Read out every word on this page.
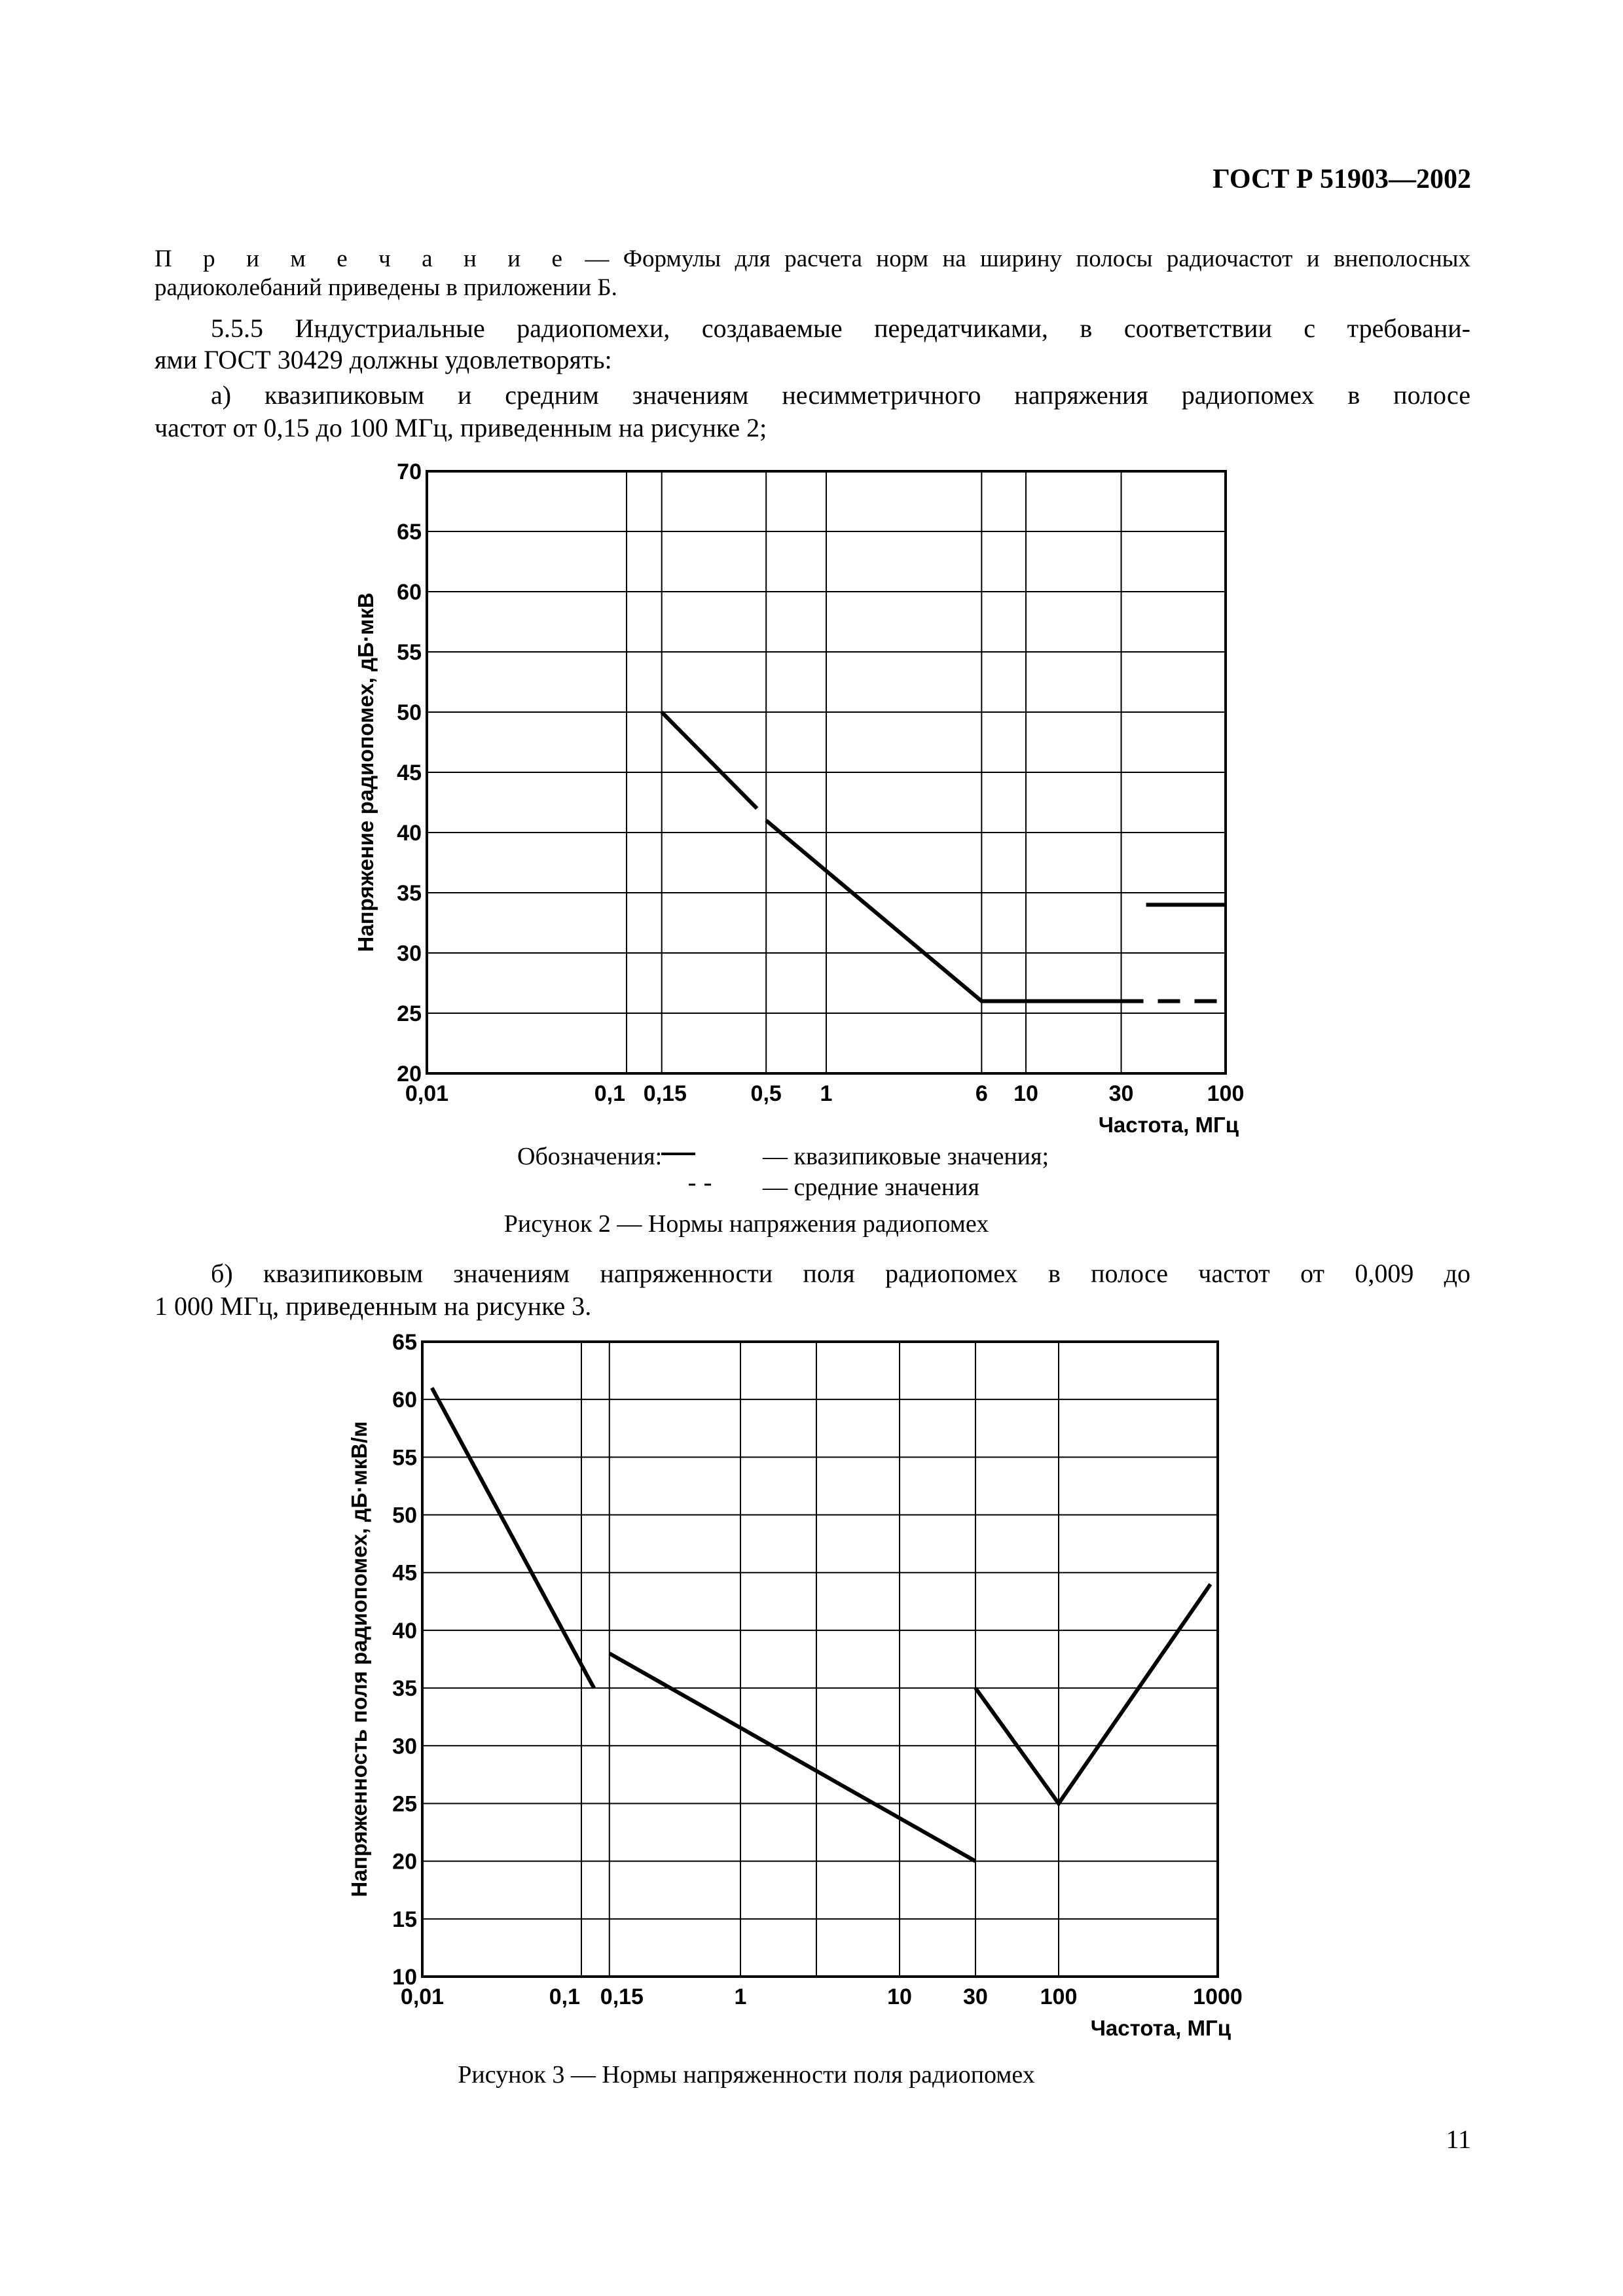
ГОСТ Р 51903—2002
П р и м е ч а н и е — Формулы для расчета норм на ширину полосы радиочастот и внеполосных
радиоколебаний приведены в приложении Б.
5.5.5 Индустриальные радиопомехи, создаваемые передатчиками, в соответствии с требовани-
ями ГОСТ 30429 должны удовлетворять:
а) квазипиковым и средним значениям несимметричного напряжения радиопомех в полосе
частот от 0,15 до 100 МГц, приведенным на рисунке 2;
20
25
30
35
40
45
50
55
60
65
70
0,01	0,1 0,15	0,5 1	6 10	30	100
Частота, МГц
Напряжение радиопомех, дБ·мкВ
Обозначения:	— квазипиковые значения;
— средние значения
Рисунок 2 — Нормы напряжения радиопомех
б) квазипиковым значениям напряженности поля радиопомех в полосе частот от 0,009 до
1 000 МГц, приведенным на рисунке 3.
10
15
20
25
30
35
40
45
50
55
60
65
0,01	0,1 0,15	1	10 30 100	1000
Частота, МГц
Напряженность поля радиопомех, дБ·мкВ/м
Рисунок 3 — Нормы напряженности поля радиопомех
11
